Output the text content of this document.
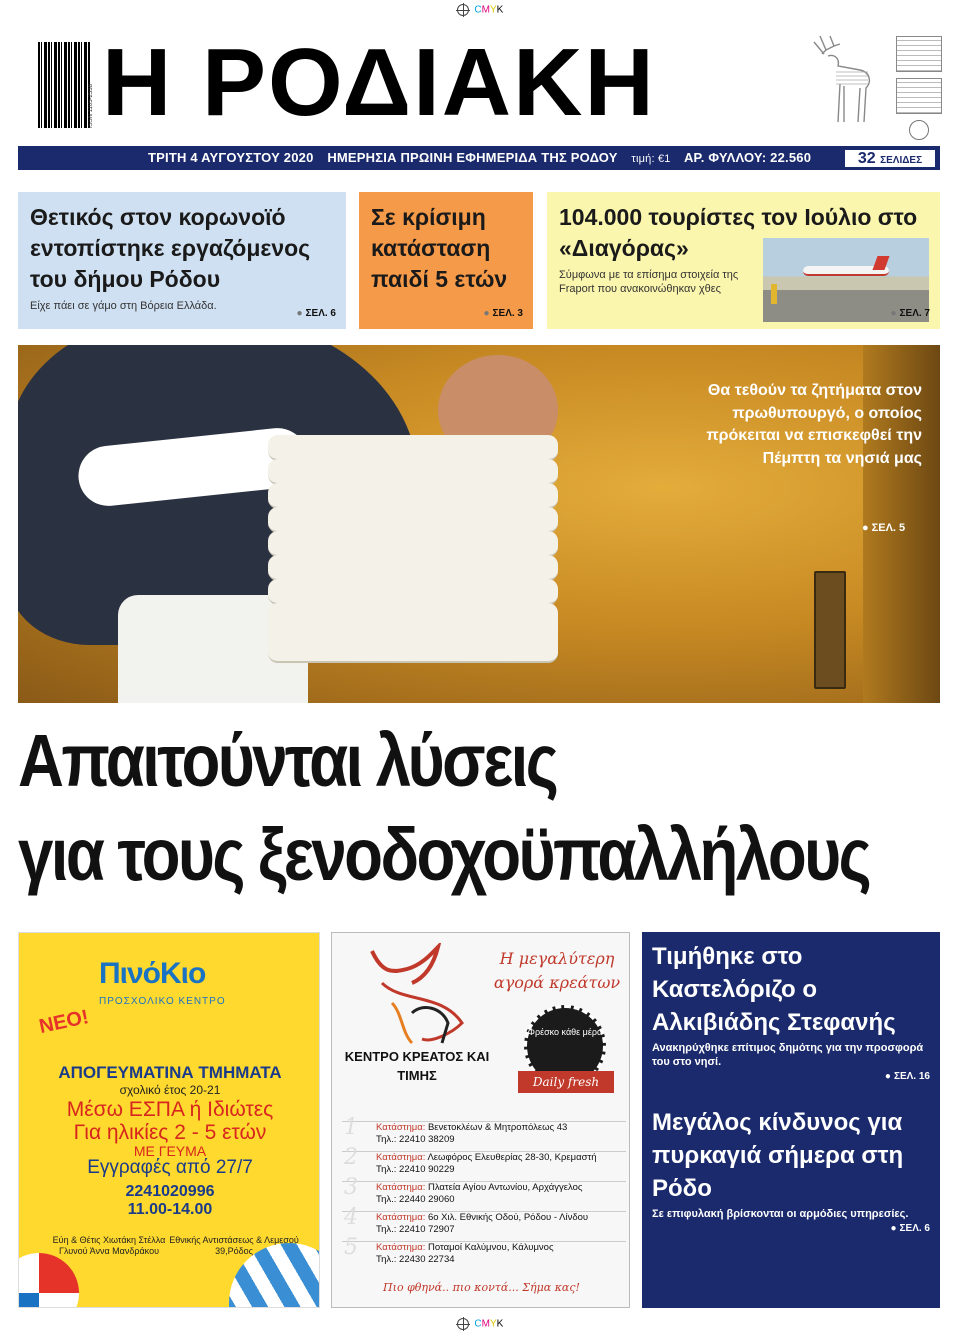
CMYK
ISSN 1105-2538 Η ΡΟΔΙΑΚΗ
ΤΡΙΤΗ 4 ΑΥΓΟΥΣΤΟΥ 2020 ΗΜΕΡΗΣΙΑ ΠΡΩΙΝΗ ΕΦΗΜΕΡΙΔΑ ΤΗΣ ΡΟΔΟΥ τιμή: €1 ΑΡ. ΦΥΛΛΟΥ: 22.560	32 ΣΕΛΙΔΕΣ
Θετικός στον κορωνοϊό εντοπίστηκε εργαζόμενος του δήμου Ρόδου
Είχε πάει σε γάμο στη Βόρεια Ελλάδα.
● ΣΕΛ. 6
Σε κρίσιμη κατάσταση παιδί 5 ετών
● ΣΕΛ. 3
104.000 τουρίστες τον Ιούλιο στο «Διαγόρας»
Σύμφωνα με τα επίσημα στοιχεία της Fraport που ανακοινώθηκαν χθες
● ΣΕΛ. 7
Θα τεθούν τα ζητήματα στον πρωθυπουργό, ο οποίος πρόκειται να επισκεφθεί την Πέμπτη τα νησιά μας
● ΣΕΛ. 5
Απαιτούνται λύσεις
για τους ξενοδοχοϋπαλλήλους
ΠινόΚιο
ΠΡΟΣΧΟΛΙΚΟ ΚΕΝΤΡΟ
ΝΕΟ!
ΑΠΟΓΕΥΜΑΤΙΝΑ ΤΜΗΜΑΤΑ
σχολικό έτος 20-21
Μέσω ΕΣΠΑ ή Ιδιώτες
Για ηλικίες 2 - 5 ετών
ΜΕ ΓΕΥΜΑ
Εγγραφές από 27/7
2241020996
11.00-14.00
Εύη & Θέτις Χιωτάκη Στέλλα Γλυνού Άννα Μανδράκου
Εθνικής Αντιστάσεως & Λεμεσού 39,Ρόδος
Η μεγαλύτερη αγορά κρεάτων
ΚΕΝΤΡΟ ΚΡΕΑΤΟΣ ΚΑΙ ΤΙΜΗΣ
Φρέσκο κάθε μέρα
Daily fresh
1 Κατάστημα: Βενετοκλέων & Μητροπόλεως 43
Τηλ.: 22410 38209
2 Κατάστημα: Λεωφόρος Ελευθερίας 28-30, Κρεμαστή
Τηλ.: 22410 90229
3 Κατάστημα: Πλατεία Αγίου Αντωνίου, Αρχάγγελος
Τηλ.: 22440 29060
4 Κατάστημα: 6ο Χιλ. Εθνικής Οδού, Ρόδου - Λίνδου
Τηλ.: 22410 72907
5 Κατάστημα: Ποταμοί Καλύμνου, Κάλυμνος
Τηλ.: 22430 22734
Πιο φθηνά.. πιο κοντά... Σήμα κας!
Τιμήθηκε στο Καστελόριζο ο Αλκιβιάδης Στεφανής
Ανακηρύχθηκε επίτιμος δημότης για την προσφορά του στο νησί.
● ΣΕΛ. 16
Μεγάλος κίνδυνος για πυρκαγιά σήμερα στη Ρόδο
Σε επιφυλακή βρίσκονται οι αρμόδιες υπηρεσίες.
● ΣΕΛ. 6
CMYK
